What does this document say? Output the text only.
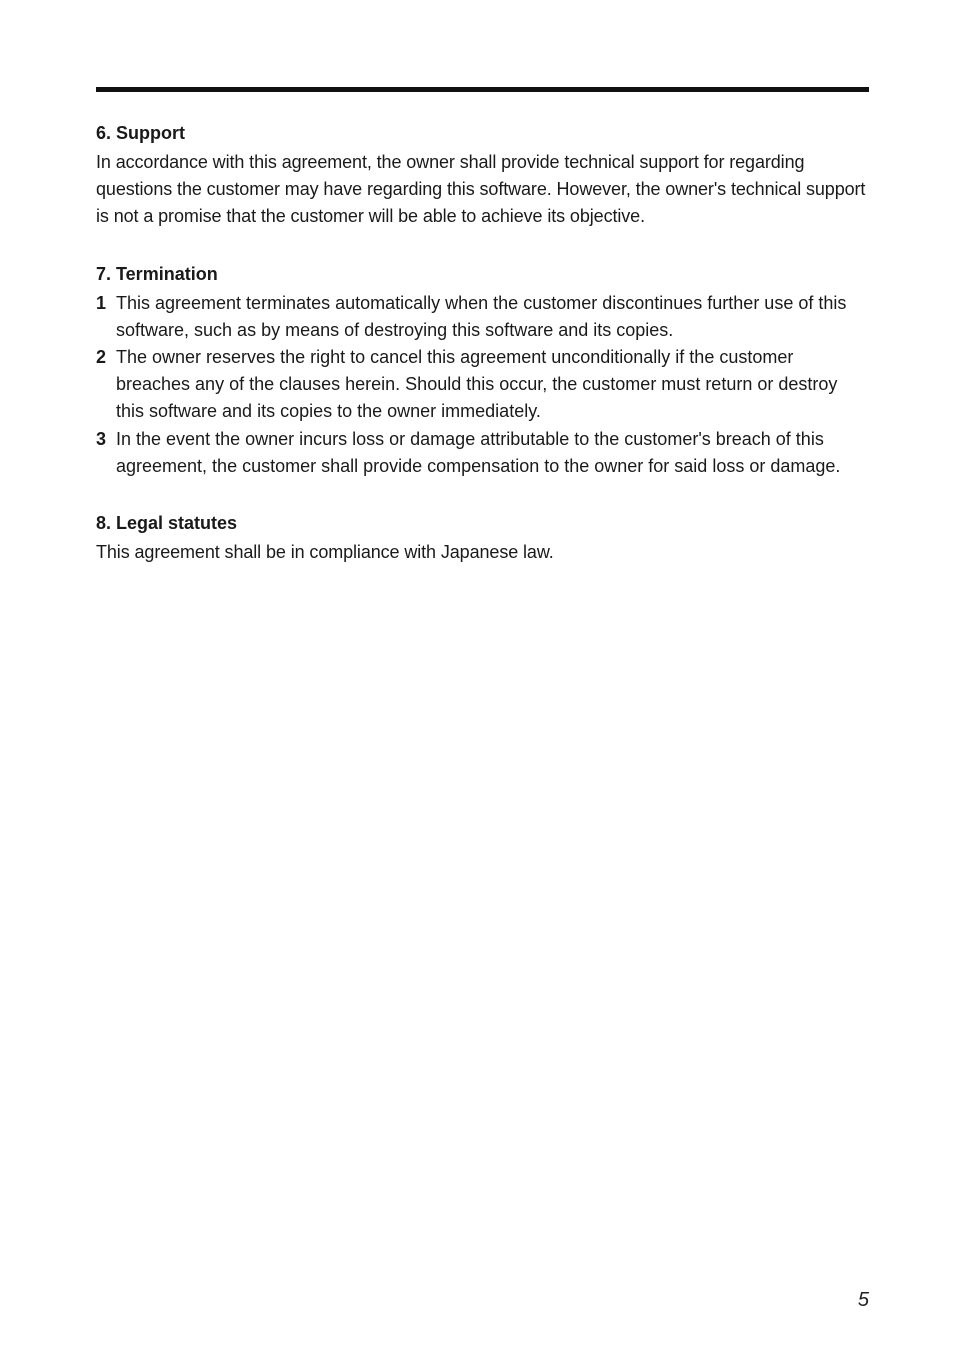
6. Support

In accordance with this agreement, the owner shall provide technical support for regarding questions the customer may have regarding this software. However, the owner's technical support is not a promise that the customer will be able to achieve its objective.

7. Termination
1 This agreement terminates automatically when the customer discontinues further use of this software, such as by means of destroying this software and its copies.
2 The owner reserves the right to cancel this agreement unconditionally if the customer breaches any of the clauses herein. Should this occur, the customer must return or destroy this software and its copies to the owner immediately.
3 In the event the owner incurs loss or damage attributable to the customer's breach of this agreement, the customer shall provide compensation to the owner for said loss or damage.
8. Legal statutes

This agreement shall be in compliance with Japanese law.

5
